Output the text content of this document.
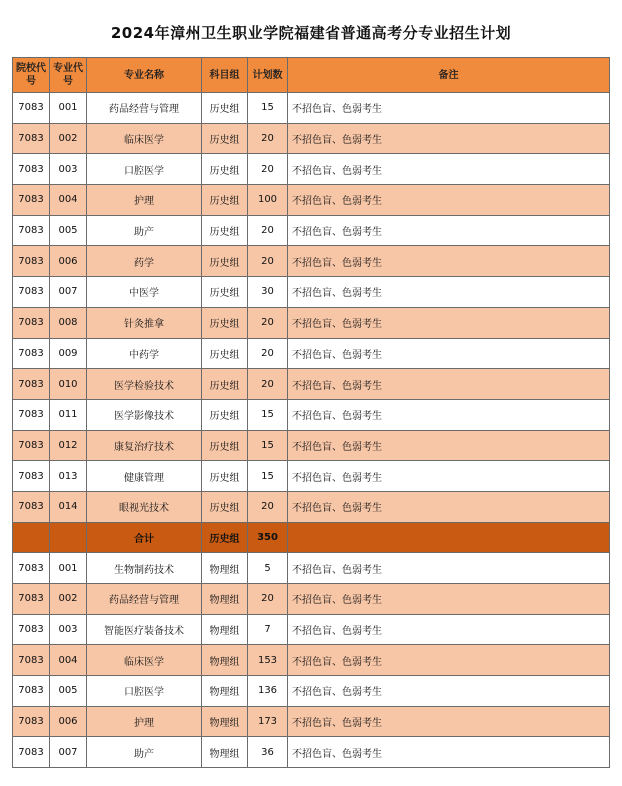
2024年漳州卫生职业学院福建省普通高考分专业招生计划
院校代号	专业代号	专业名称	科目组	计划数	备注
7083	001	药品经营与管理	历史组	15	不招色盲、色弱考生
7083	002	临床医学	历史组	20	不招色盲、色弱考生
7083	003	口腔医学	历史组	20	不招色盲、色弱考生
7083	004	护理	历史组	100	不招色盲、色弱考生
7083	005	助产	历史组	20	不招色盲、色弱考生
7083	006	药学	历史组	20	不招色盲、色弱考生
7083	007	中医学	历史组	30	不招色盲、色弱考生
7083	008	针灸推拿	历史组	20	不招色盲、色弱考生
7083	009	中药学	历史组	20	不招色盲、色弱考生
7083	010	医学检验技术	历史组	20	不招色盲、色弱考生
7083	011	医学影像技术	历史组	15	不招色盲、色弱考生
7083	012	康复治疗技术	历史组	15	不招色盲、色弱考生
7083	013	健康管理	历史组	15	不招色盲、色弱考生
7083	014	眼视光技术	历史组	20	不招色盲、色弱考生
		合计	历史组	350	
7083	001	生物制药技术	物理组	5	不招色盲、色弱考生
7083	002	药品经营与管理	物理组	20	不招色盲、色弱考生
7083	003	智能医疗装备技术	物理组	7	不招色盲、色弱考生
7083	004	临床医学	物理组	153	不招色盲、色弱考生
7083	005	口腔医学	物理组	136	不招色盲、色弱考生
7083	006	护理	物理组	173	不招色盲、色弱考生
7083	007	助产	物理组	36	不招色盲、色弱考生
